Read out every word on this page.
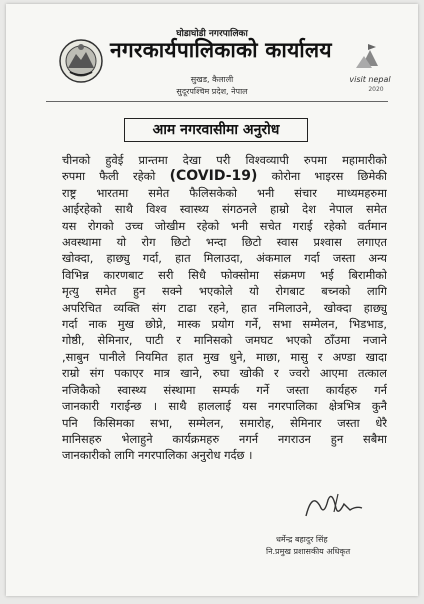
घोडाघोडी नगरपालिका
नगरकार्यपालिकाको कार्यालय
सुखड, कैलाली
सुदूरपश्चिम प्रदेश, नेपाल
visit nepal
2020
आम नगरवासीमा अनुरोध
चीनको हुवेई प्रान्तमा देखा परी विश्वव्यापी रुपमा महामारीको
रुपमा फैली रहेको (COVID-19) कोरोना भाइरस छिमेकी
राष्ट्र भारतमा समेत फैलिसकेको भनी संचार माध्यमहरुमा
आईरहेको साथै विश्व स्वास्थ्य संगठनले हाम्रो देश नेपाल समेत
यस रोगको उच्च जोखीम रहेको भनी सचेत गराई रहेको वर्तमान
अवस्थामा यो रोग छिटो भन्दा छिटो स्वास प्रश्वास लगाएत
खोक्दा, हाछ्यु गर्दा, हात मिलाउदा, अंकमाल गर्दा जस्ता अन्य
विभिन्न कारणबाट सरी सिधै फोक्सोमा संक्रमण भई बिरामीको
मृत्यु समेत हुन सक्ने भएकोले यो रोगबाट बच्नको लागि
अपरिचित व्यक्ति संग टाढा रहने, हात नमिलाउने, खोक्दा हाछ्यु
गर्दा नाक मुख छोप्ने, मास्क प्रयोग गर्ने, सभा सम्मेलन, भिडभाड,
गोष्ठी, सेमिनार, पाटी र मानिसको जमघट भएको ठाँउमा नजाने
,साबुन पानीले नियमित हात मुख धुने, माछा, मासु र अण्डा खादा
राम्रो संग पकाएर मात्र खाने, रुघा खोकी र ज्वरो आएमा तत्काल
नजिकैको स्वास्थ्य संस्थामा सम्पर्क गर्ने जस्ता कार्यहरु गर्न
जानकारी गराईन्छ । साथै हाललाई यस नगरपालिका क्षेत्रभित्र कुनै
पनि किसिमका सभा, सम्मेलन, समारोह, सेमिनार जस्ता धेरै
मानिसहरु भेलाहुने कार्यक्रमहरु नगर्न नगराउन हुन सबैमा
जानकारीको लागि नगरपालिका अनुरोध गर्दछ ।
धर्मेन्द्र बहादुर सिंह
नि.प्रमुख प्रशासकीय अधिकृत
